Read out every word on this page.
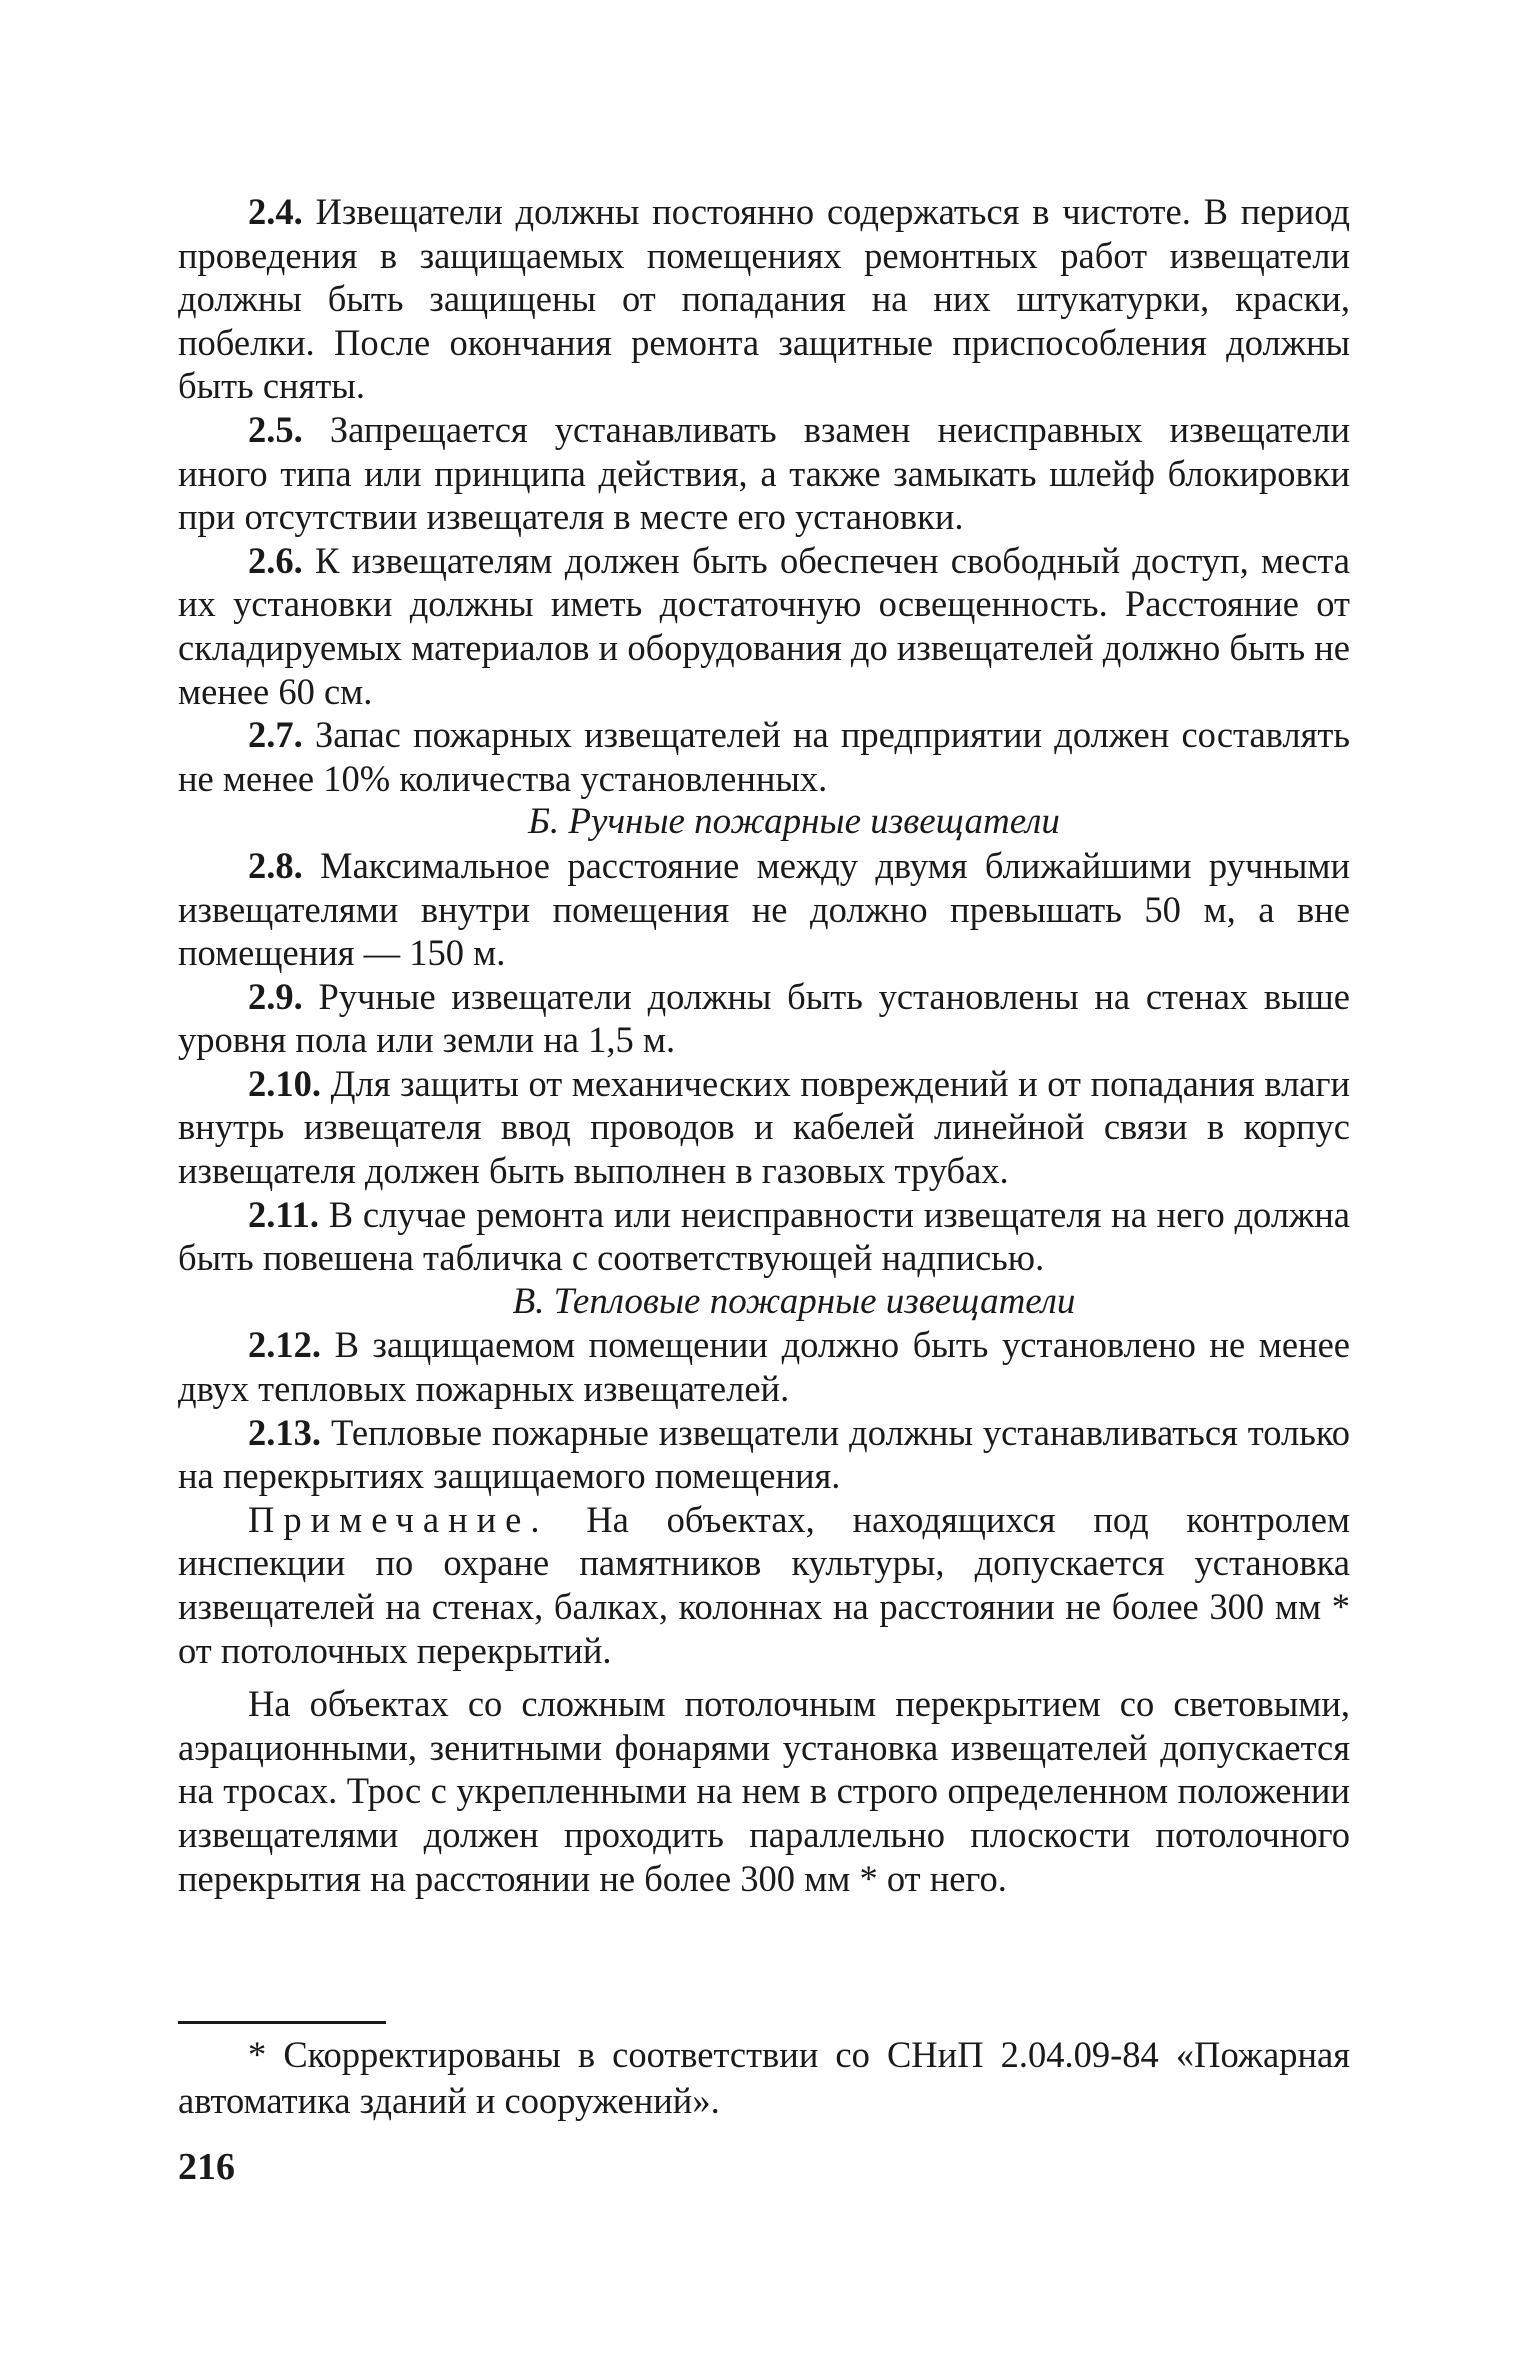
2.4. Извещатели должны постоянно содержаться в чистоте. В период проведения в защищаемых помещениях ремонтных работ извещатели должны быть защищены от попадания на них штукатурки, краски, побелки. После окончания ремонта защитные приспособления должны быть сняты.

2.5. Запрещается устанавливать взамен неисправных извещатели иного типа или принципа действия, а также замыкать шлейф блокировки при отсутствии извещателя в месте его установки.

2.6. К извещателям должен быть обеспечен свободный доступ, места их установки должны иметь достаточную освещенность. Расстояние от складируемых материалов и оборудования до извещателей должно быть не менее 60 см.

2.7. Запас пожарных извещателей на предприятии должен составлять не менее 10% количества установленных.

Б. Ручные пожарные извещатели

2.8. Максимальное расстояние между двумя ближайшими ручными извещателями внутри помещения не должно превышать 50 м, а вне помещения — 150 м.

2.9. Ручные извещатели должны быть установлены на стенах выше уровня пола или земли на 1,5 м.

2.10. Для защиты от механических повреждений и от попадания влаги внутрь извещателя ввод проводов и кабелей линейной связи в корпус извещателя должен быть выполнен в газовых трубах.

2.11. В случае ремонта или неисправности извещателя на него должна быть повешена табличка с соответствующей надписью.

В. Тепловые пожарные извещатели

2.12. В защищаемом помещении должно быть установлено не менее двух тепловых пожарных извещателей.

2.13. Тепловые пожарные извещатели должны устанавливаться только на перекрытиях защищаемого помещения.

Примечание. На объектах, находящихся под контролем инспекции по охране памятников культуры, допускается установка извещателей на стенах, балках, колоннах на расстоянии не более 300 мм * от потолочных перекрытий.

На объектах со сложным потолочным перекрытием со световыми, аэрационными, зенитными фонарями установка извещателей допускается на тросах. Трос с укрепленными на нем в строго определенном положении извещателями должен проходить параллельно плоскости потолочного перекрытия на расстоянии не более 300 мм * от него.

* Скорректированы в соответствии со СНиП 2.04.09-84 «Пожарная автоматика зданий и сооружений».

216
